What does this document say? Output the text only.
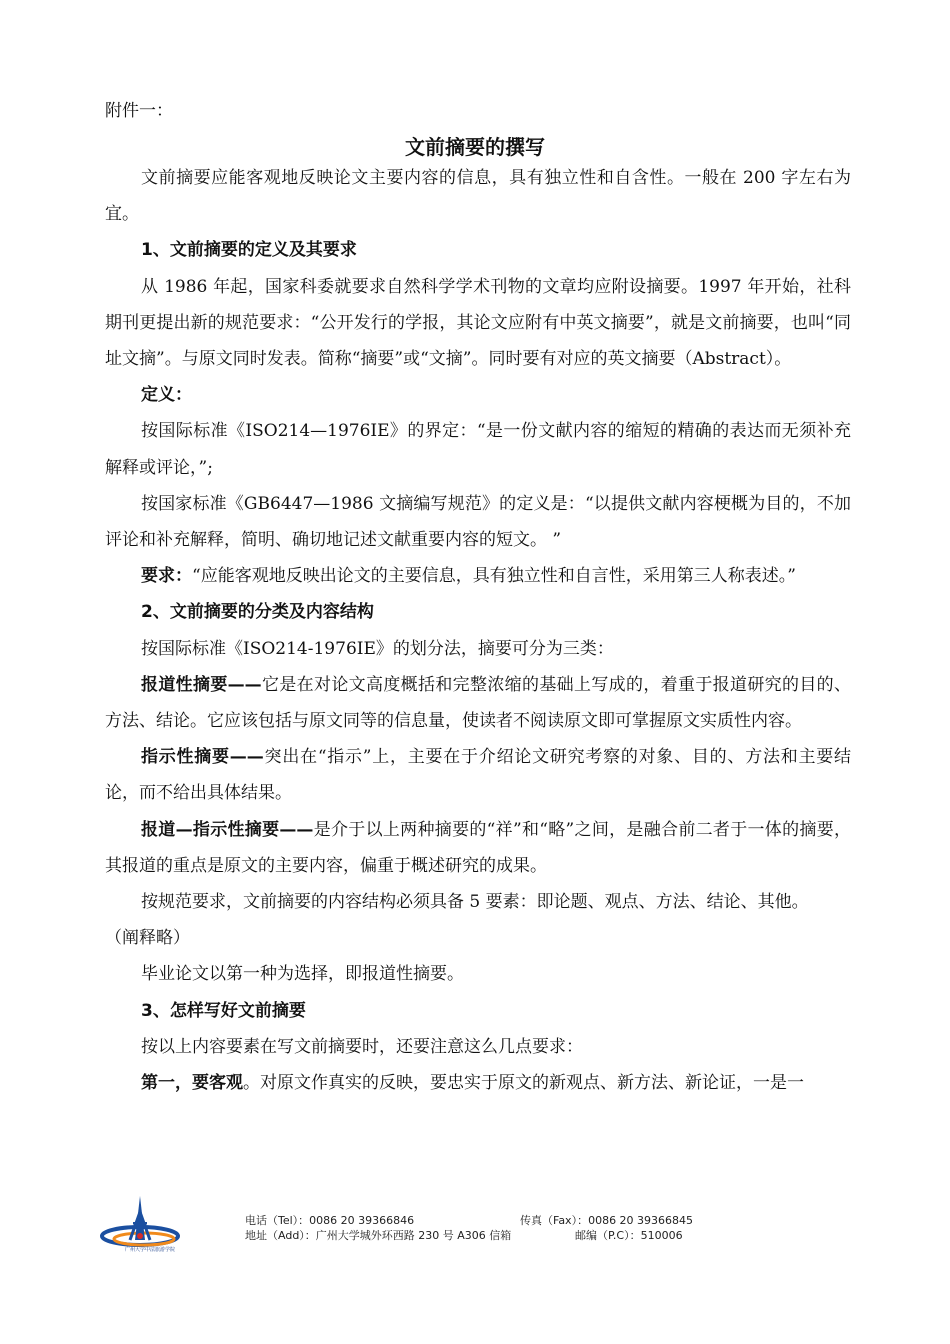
附件一：
文前摘要的撰写

文前摘要应能客观地反映论文主要内容的信息，具有独立性和自含性。一般在 200 字左右为宜。

1、文前摘要的定义及其要求

从 1986 年起，国家科委就要求自然科学学术刊物的文章均应附设摘要。1997 年开始，社科期刊更提出新的规范要求：“公开发行的学报，其论文应附有中英文摘要”，就是文前摘要，也叫“同址文摘”。与原文同时发表。简称“摘要”或“文摘”。同时要有对应的英文摘要（Abstract）。

定义：

按国际标准《ISO214—1976IE》的界定：“是一份文献内容的缩短的精确的表达而无须补充解释或评论，”;

按国家标准《GB6447—1986 文摘编写规范》的定义是：“以提供文献内容梗概为目的，不加评论和补充解释，简明、确切地记述文献重要内容的短文。 ”

要求：“应能客观地反映出论文的主要信息，具有独立性和自言性，采用第三人称表述。”

2、文前摘要的分类及内容结构

按国际标准《ISO214-1976IE》的划分法，摘要可分为三类：

报道性摘要——它是在对论文高度概括和完整浓缩的基础上写成的，着重于报道研究的目的、方法、结论。它应该包括与原文同等的信息量，使读者不阅读原文即可掌握原文实质性内容。

指示性摘要——突出在“指示”上，主要在于介绍论文研究考察的对象、目的、方法和主要结论，而不给出具体结果。

报道—指示性摘要——是介于以上两种摘要的“祥”和“略”之间，是融合前二者于一体的摘要，其报道的重点是原文的主要内容，偏重于概述研究的成果。

按规范要求，文前摘要的内容结构必须具备 5 要素：即论题、观点、方法、结论、其他。

（阐释略）

毕业论文以第一种为选择，即报道性摘要。

3、怎样写好文前摘要

按以上内容要素在写文前摘要时，还要注意这么几点要求：

第一，要客观。对原文作真实的反映，要忠实于原文的新观点、新方法、新论证，一是一

广州大学中法旅游学院
电话（Tel）：0086 20 39366846	传真（Fax）：0086 20 39366845
地址（Add）：广州大学城外环西路 230 号 A306 信箱	邮编（P.C）：510006
